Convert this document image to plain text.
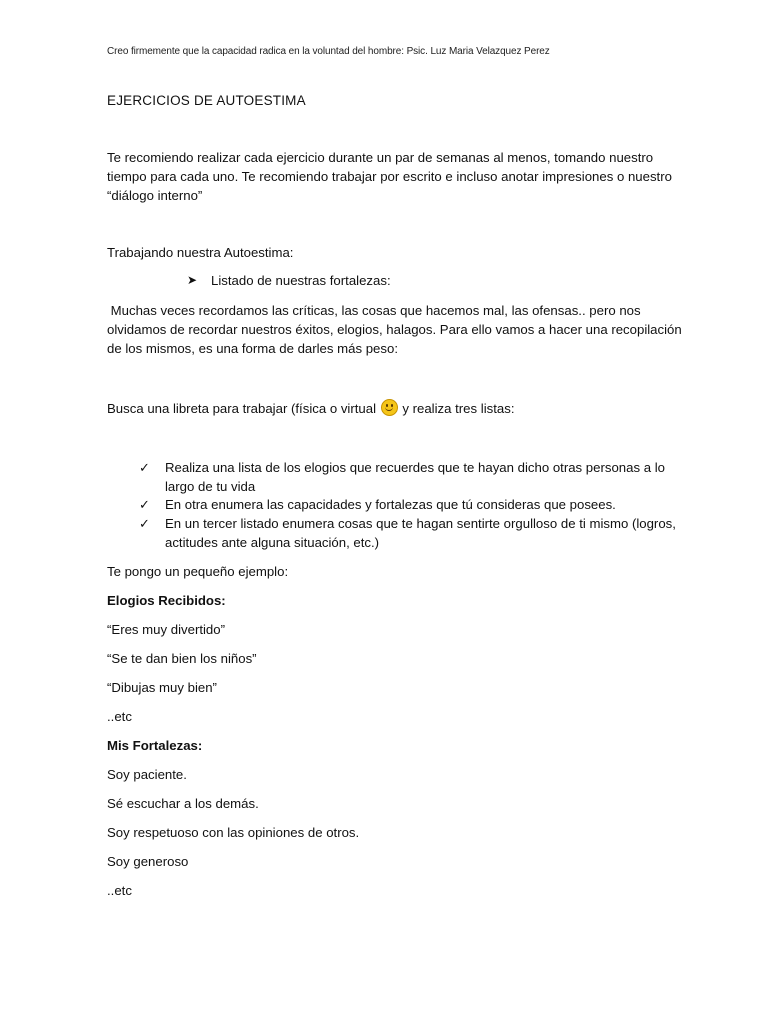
Creo firmemente que la capacidad radica en la voluntad del hombre: Psic. Luz Maria Velazquez Perez
EJERCICIOS DE AUTOESTIMA
Te recomiendo realizar cada ejercicio durante un par de semanas al menos, tomando nuestro
tiempo para cada uno. Te recomiendo trabajar por escrito e incluso anotar impresiones o nuestro
“diálogo interno”
Trabajando nuestra Autoestima:
➤ Listado de nuestras fortalezas:
Muchas veces recordamos las críticas, las cosas que hacemos mal, las ofensas.. pero nos
olvidamos de recordar nuestros éxitos, elogios, halagos. Para ello vamos a hacer una recopilación
de los mismos, es una forma de darles más peso:
Busca una libreta para trabajar (física o virtual
y realiza tres listas:
✓ Realiza una lista de los elogios que recuerdes que te hayan dicho otras personas a lo
largo de tu vida
✓ En otra enumera las capacidades y fortalezas que tú consideras que posees.
✓ En un tercer listado enumera cosas que te hagan sentirte orgulloso de ti mismo (logros,
actitudes ante alguna situación, etc.)
Te pongo un pequeño ejemplo:
Elogios Recibidos:
“Eres muy divertido”
“Se te dan bien los niños”
“Dibujas muy bien”
..etc
Mis Fortalezas:
Soy paciente.
Sé escuchar a los demás.
Soy respetuoso con las opiniones de otros.
Soy generoso
..etc
